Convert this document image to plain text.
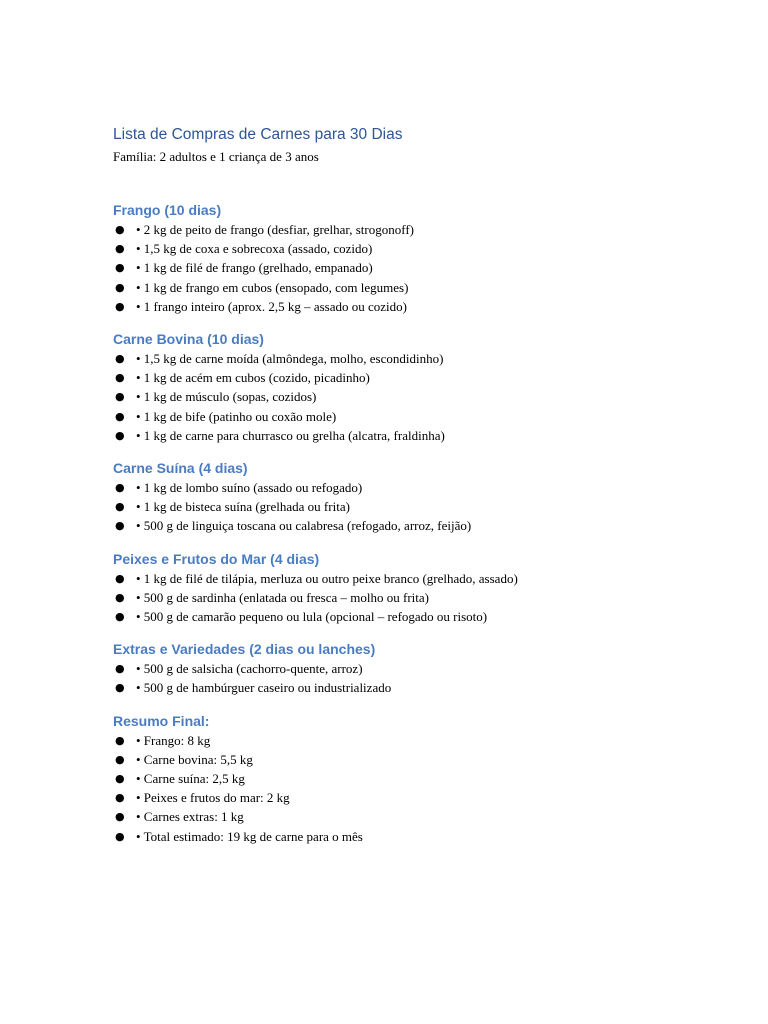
Lista de Compras de Carnes para 30 Dias

Família: 2 adultos e 1 criança de 3 anos

Frango (10 dias)
● • 2 kg de peito de frango (desfiar, grelhar, strogonoff)
● • 1,5 kg de coxa e sobrecoxa (assado, cozido)
● • 1 kg de filé de frango (grelhado, empanado)
● • 1 kg de frango em cubos (ensopado, com legumes)
● • 1 frango inteiro (aprox. 2,5 kg – assado ou cozido)
Carne Bovina (10 dias)
● • 1,5 kg de carne moída (almôndega, molho, escondidinho)
● • 1 kg de acém em cubos (cozido, picadinho)
● • 1 kg de músculo (sopas, cozidos)
● • 1 kg de bife (patinho ou coxão mole)
● • 1 kg de carne para churrasco ou grelha (alcatra, fraldinha)
Carne Suína (4 dias)
● • 1 kg de lombo suíno (assado ou refogado)
● • 1 kg de bisteca suína (grelhada ou frita)
● • 500 g de linguiça toscana ou calabresa (refogado, arroz, feijão)
Peixes e Frutos do Mar (4 dias)
● • 1 kg de filé de tilápia, merluza ou outro peixe branco (grelhado, assado)
● • 500 g de sardinha (enlatada ou fresca – molho ou frita)
● • 500 g de camarão pequeno ou lula (opcional – refogado ou risoto)
Extras e Variedades (2 dias ou lanches)
● • 500 g de salsicha (cachorro-quente, arroz)
● • 500 g de hambúrguer caseiro ou industrializado
Resumo Final:
● • Frango: 8 kg
● • Carne bovina: 5,5 kg
● • Carne suína: 2,5 kg
● • Peixes e frutos do mar: 2 kg
● • Carnes extras: 1 kg
● • Total estimado: 19 kg de carne para o mês
